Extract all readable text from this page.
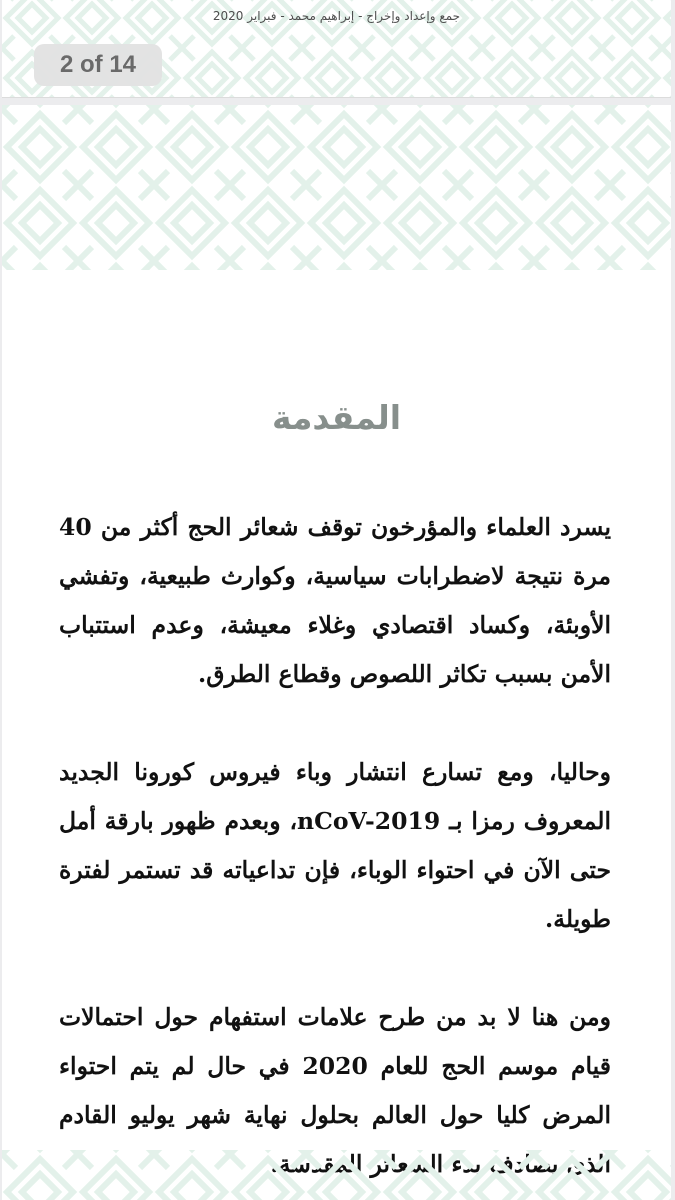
جمع وإعداد وإخراج - إبراهيم محمد - فبراير 2020
2 of 14
المقدمة

يسرد العلماء والمؤرخون توقف شعائر الحج أكثر من 40 مرة نتيجة لاضطرابات سياسية، وكوارث طبيعية، وتفشي الأوبئة، وكساد اقتصادي وغلاء معيشة، وعدم استتباب الأمن بسبب تكاثر اللصوص وقطاع الطرق.

وحاليا، ومع تسارع انتشار وباء فيروس كورونا الجديد المعروف رمزا بـ nCoV-2019، وبعدم ظهور بارقة أمل حتى الآن في احتواء الوباء، فإن تداعياته قد تستمر لفترة طويلة.

ومن هنا لا بد من طرح علامات استفهام حول احتمالات قيام موسم الحج للعام 2020 في حال لم يتم احتواء المرض كليا حول العالم بحلول نهاية شهر يوليو القادم
